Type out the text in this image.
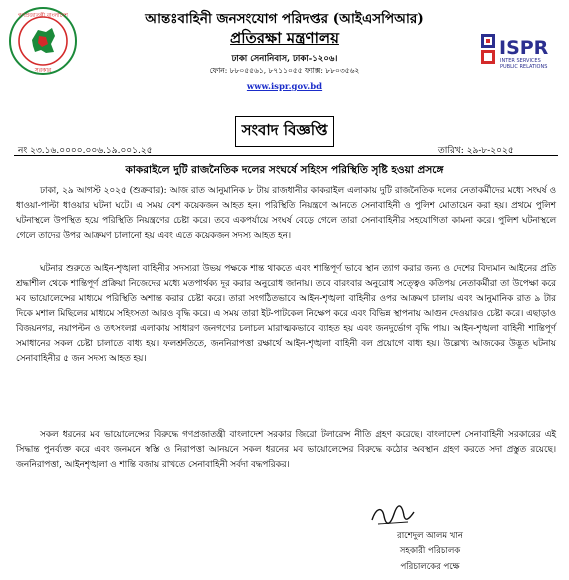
গণপ্রজাতন্ত্রী বাংলাদেশ
সরকার
আন্তঃবাহিনী জনসংযোগ পরিদপ্তর (আইএসপিআর)
প্রতিরক্ষা মন্ত্রণালয়
ঢাকা সেনানিবাস, ঢাকা-১২০৬।
ফোন: ৮৮০৫৫৬১, ৮৭১১০৫৫ ফ্যাক্স: ৮৮০৩৫৬২
www.ispr.gov.bd
ISPR
INTER SERVICES
PUBLIC RELATIONS
সংবাদ বিজ্ঞপ্তি
নং ২৩.১৬.০০০০.০০৬.১৯.০০১.২৫	তারিখ: ২৯-৮-২০২৫
কাকরাইলে দুটি রাজনৈতিক দলের সংঘর্ষে সহিংস পরিস্থিতি সৃষ্টি হওয়া প্রসঙ্গে

ঢাকা, ২৯ আগস্ট ২০২৫ (শুক্রবার): আজ রাত আনুমানিক ৮ টায় রাজধানীর কাকরাইল এলাকায় দুটি রাজনৈতিক দলের নেতাকর্মীদের মধ্যে সংঘর্ষ ও ধাওয়া-পাল্টা ধাওয়ার ঘটনা ঘটে। এ সময় বেশ কয়েকজন আহত হন। পরিস্থিতি নিয়ন্ত্রণে আনতে সেনাবাহিনী ও পুলিশ মোতায়েন করা হয়। প্রথমে পুলিশ ঘটনাস্থলে উপস্থিত হয়ে পরিস্থিতি নিয়ন্ত্রণের চেষ্টা করে। তবে একপর্যায়ে সংঘর্ষ বেড়ে গেলে তারা সেনাবাহিনীর সহযোগিতা কামনা করে। পুলিশ ঘটনাস্থলে গেলে তাদের উপর আক্রমণ চালানো হয় এবং এতে কয়েকজন সদস্য আহত হন।

ঘটনার শুরুতে আইন-শৃঙ্খলা বাহিনীর সদস্যরা উভয় পক্ষকে শান্ত থাকতে এবং শান্তিপূর্ণ ভাবে স্থান ত্যাগ করার জন্য ও দেশের বিদ্যমান আইনের প্রতি শ্রদ্ধাশীল থেকে শান্তিপূর্ণ প্রক্রিয়া নিজেদের মধ্যে মতপার্থক্য দূর করার অনুরোধ জানায়। তবে বারংবার অনুরোধ সত্ত্বেও কতিপয় নেতাকর্মীরা তা উপেক্ষা করে মব ভায়োলেন্সের মাধ্যমে পরিস্থিতি অশান্ত করার চেষ্টা করে। তারা সংগঠিতভাবে আইন-শৃঙ্খলা বাহিনীর ওপর আক্রমণ চালায় এবং আনুমানিক রাত ৯ টার দিকে মশাল মিছিলের মাধ্যমে সহিংসতা আরও বৃদ্ধি করে। এ সময় তারা ইট-পাটকেল নিক্ষেপ করে এবং বিভিন্ন স্থাপনায় আগুন দেওয়ারও চেষ্টা করে। এছাড়াও বিজয়নগর, নয়াপল্টন ও তৎসংলগ্ন এলাকায় সাধারণ জনগণের চলাচল মারাত্মকভাবে ব্যাহত হয় এবং জনদুর্ভোগ বৃদ্ধি পায়। আইন-শৃঙ্খলা বাহিনী শান্তিপূর্ণ সমাধানের সকল চেষ্টা চালাতে বাধ্য হয়। ফলশ্রুতিতে, জননিরাপত্তা রক্ষার্থে আইন-শৃঙ্খলা বাহিনী বল প্রয়োগে বাধ্য হয়। উল্লেখ্য আজকের উদ্ভূত ঘটনায় সেনাবাহিনীর ৫ জন সদস্য আহত হয়।

সকল ধরনের মব ভায়োলেন্সের বিরুদ্ধে গণপ্রজাতন্ত্রী বাংলাদেশ সরকার জিরো টলারেন্স নীতি গ্রহণ করেছে। বাংলাদেশ সেনাবাহিনী সরকারের এই সিদ্ধান্ত পুনর্ব্যক্ত করে এবং জনমনে স্বস্তি ও নিরাপত্তা আনয়নে সকল ধরনের মব ভায়োলেন্সের বিরুদ্ধে কঠোর অবস্থান গ্রহণ করতে সদা প্রস্তুত রয়েছে। জননিরাপত্তা, আইনশৃঙ্খলা ও শান্তি বজায় রাখতে সেনাবাহিনী সর্বদা বদ্ধপরিকর।

রাশেদুল আলম খান
সহকারী পরিচালক
পরিচালকের পক্ষে
